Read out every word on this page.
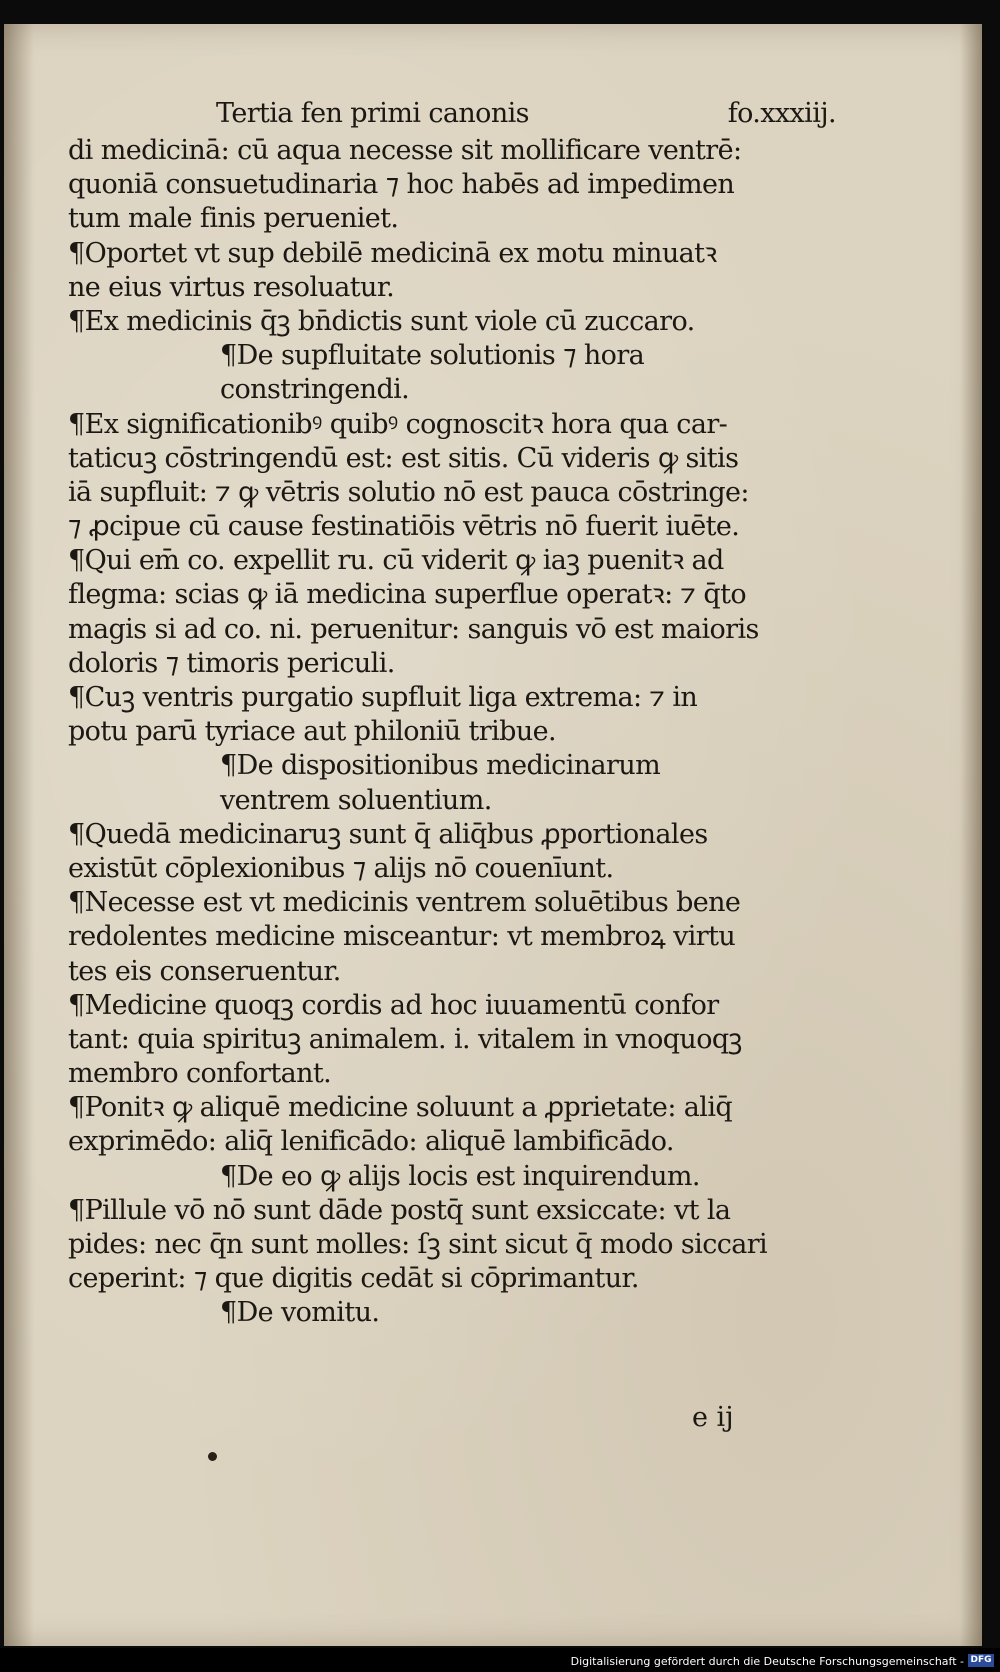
Tertia fen primi canonis	fo.xxxiij.
di medicinā: cū aqua necesse sit mollificare ventrē:
quoniā consuetudinaria ⁊ hoc habēs ad impedimen
tum male finis perueniet.
¶Oportet vt sup debilē medicinā ex motu minuatꝛ
ne eius virtus resoluatur.
¶Ex medicinis q̄ꝫ bn̄dictis sunt viole cū zuccaro.
¶De supfluitate solutionis ⁊ hora
constringendi.
¶Ex significationibꝰ quibꝰ cognoscitꝛ hora qua car-
taticuꝫ cōstringendū est: est sitis. Cū videris ꝙ sitis
iā supfluit: ⁊ ꝙ vētris solutio nō est pauca cōstringe:
⁊ ꝓcipue cū cause festinatiōis vētris nō fuerit iuēte.
¶Qui em̄ co. expellit ru. cū viderit ꝙ iaꝫ puenitꝛ ad
flegma: scias ꝙ iā medicina superflue operatꝛ: ⁊ q̄to
magis si ad co. ni. peruenitur: sanguis vō est maioris
doloris ⁊ timoris periculi.
¶Cuꝫ ventris purgatio supfluit liga extrema: ⁊ in
potu parū tyriace aut philoniū tribue.
¶De dispositionibus medicinarum
ventrem soluentium.
¶Quedā medicinaruꝫ sunt q̄ aliq̄bus ꝓportionales
existūt cōplexionibus ⁊ alijs nō couenīunt.
¶Necesse est vt medicinis ventrem soluētibus bene
redolentes medicine misceantur: vt membroꝝ virtu
tes eis conseruentur.
¶Medicine quoqꝫ cordis ad hoc iuuamentū confor
tant: quia spirituꝫ animalem. i. vitalem in vnoquoqꝫ
membro confortant.
¶Ponitꝛ ꝙ aliquē medicine soluunt a ꝓprietate: aliq̄
exprimēdo: aliq̄ lenificādo: aliquē lambificādo.
¶De eo ꝙ alijs locis est inquirendum.
¶Pillule vō nō sunt dāde postq̄ sunt exsiccate: vt la
pides: nec q̄n sunt molles: ſꝫ sint sicut q̄ modo siccari
ceperint: ⁊ que digitis cedāt si cōprimantur.
¶De vomitu.
e ij
Digitalisierung gefördert durch die Deutsche Forschungsgemeinschaft - DFG
